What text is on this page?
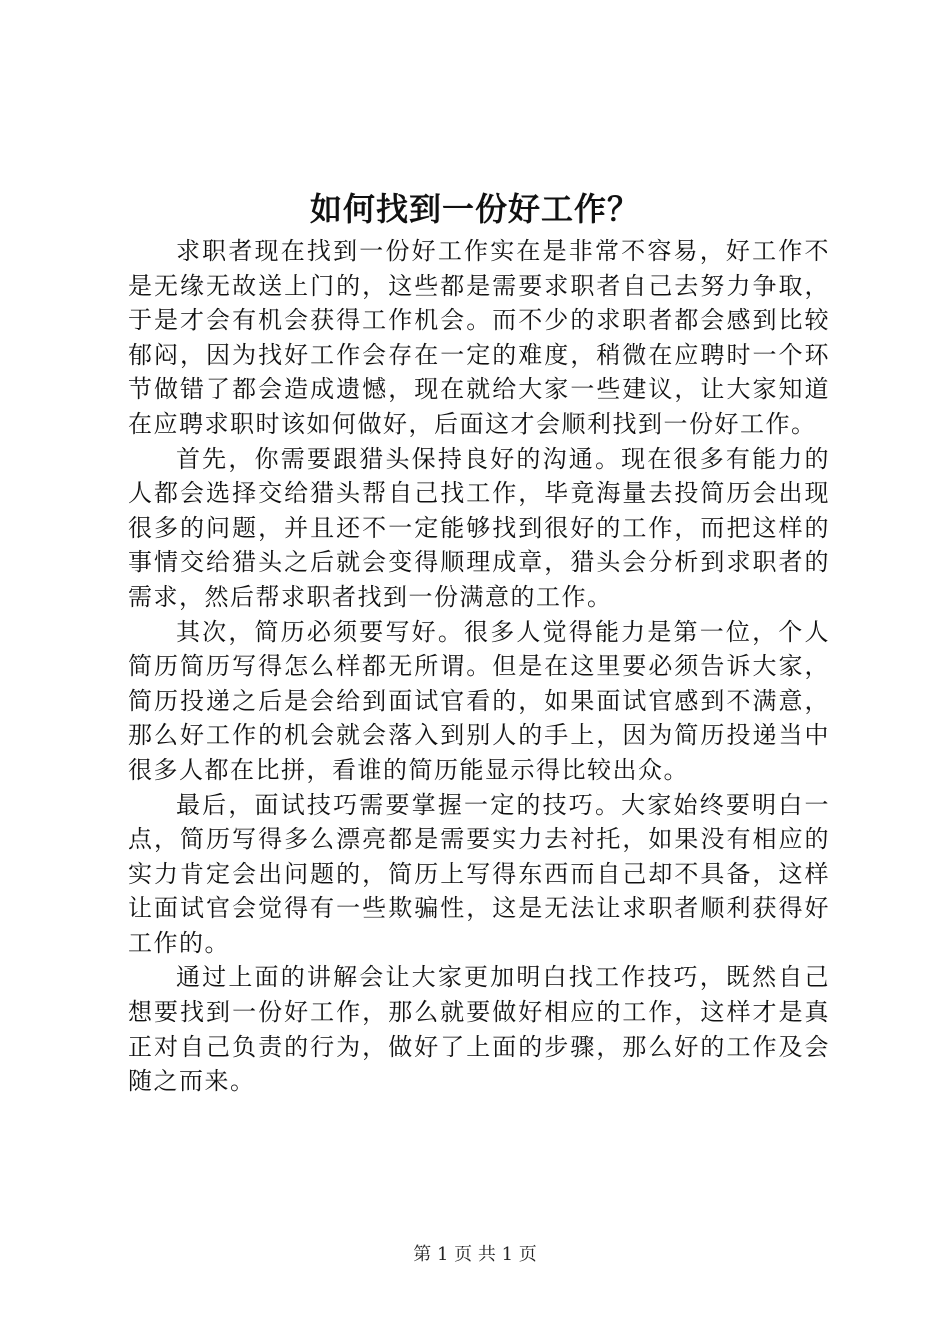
如何找到一份好工作？

求职者现在找到一份好工作实在是非常不容易，好工作不是无缘无故送上门的，这些都是需要求职者自己去努力争取，于是才会有机会获得工作机会。而不少的求职者都会感到比较郁闷，因为找好工作会存在一定的难度，稍微在应聘时一个环节做错了都会造成遗憾，现在就给大家一些建议，让大家知道在应聘求职时该如何做好，后面这才会顺利找到一份好工作。

首先，你需要跟猎头保持良好的沟通。现在很多有能力的人都会选择交给猎头帮自己找工作，毕竟海量去投简历会出现很多的问题，并且还不一定能够找到很好的工作，而把这样的事情交给猎头之后就会变得顺理成章，猎头会分析到求职者的需求，然后帮求职者找到一份满意的工作。

其次，简历必须要写好。很多人觉得能力是第一位，个人简历简历写得怎么样都无所谓。但是在这里要必须告诉大家，简历投递之后是会给到面试官看的，如果面试官感到不满意，那么好工作的机会就会落入到别人的手上，因为简历投递当中很多人都在比拼，看谁的简历能显示得比较出众。

最后，面试技巧需要掌握一定的技巧。大家始终要明白一点，简历写得多么漂亮都是需要实力去衬托，如果没有相应的实力肯定会出问题的，简历上写得东西而自己却不具备，这样让面试官会觉得有一些欺骗性，这是无法让求职者顺利获得好工作的。

通过上面的讲解会让大家更加明白找工作技巧，既然自己想要找到一份好工作，那么就要做好相应的工作，这样才是真正对自己负责的行为，做好了上面的步骤，那么好的工作及会随之而来。

第 1 页 共 1 页
